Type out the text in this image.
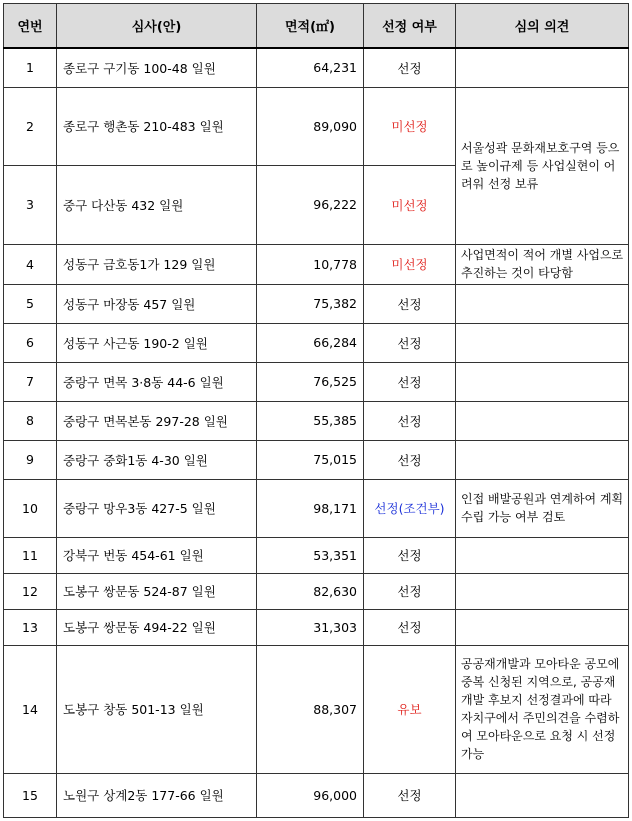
연번	심사(안)	면적(㎡)	선정 여부	심의 의견
1	종로구 구기동 100-48 일원	64,231	선정	
2	종로구 행촌동 210-483 일원	89,090	미선정	서울성곽 문화재보호구역 등으로 높이규제 등 사업실현이 어려워 선정 보류
3	중구 다산동 432 일원	96,222	미선정	
4	성동구 금호동1가 129 일원	10,778	미선정	사업면적이 적어 개별 사업으로 추진하는 것이 타당함
5	성동구 마장동 457 일원	75,382	선정	
6	성동구 사근동 190-2 일원	66,284	선정	
7	중랑구 면목 3·8동 44-6 일원	76,525	선정	
8	중랑구 면목본동 297-28 일원	55,385	선정	
9	중랑구 중화1동 4-30 일원	75,015	선정	
10	중랑구 망우3동 427-5 일원	98,171	선정(조건부)	인접 배발공원과 연계하여 계획수립 가능 여부 검토
11	강북구 번동 454-61 일원	53,351	선정	
12	도봉구 쌍문동 524-87 일원	82,630	선정	
13	도봉구 쌍문동 494-22 일원	31,303	선정	
14	도봉구 창동 501-13 일원	88,307	유보	공공재개발과 모아타운 공모에 중복 신청된 지역으로, 공공재개발 후보지 선정결과에 따라 자치구에서 주민의견을 수렴하여 모아타운으로 요청 시 선정가능
15	노원구 상계2동 177-66 일원	96,000	선정	
